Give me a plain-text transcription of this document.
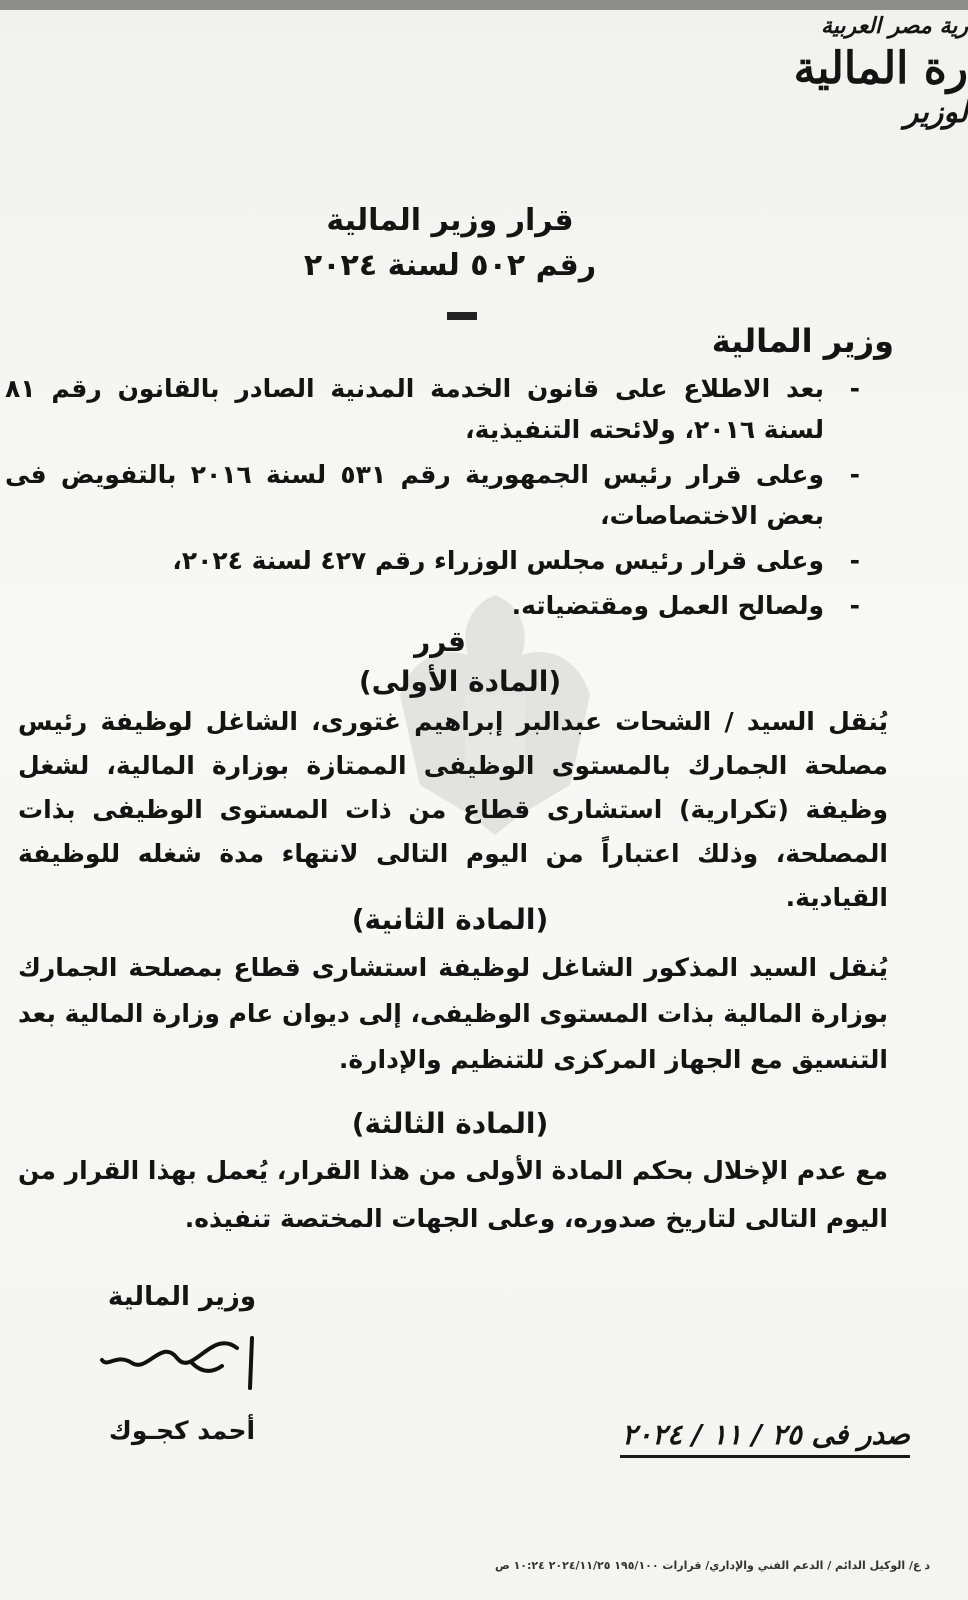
رية مصر العربية

رة المالية

لوزير

قرار وزير المالية

رقم ٥٠٢ لسنة ٢٠٢٤

وزير المالية

-
بعد الاطلاع على قانون الخدمة المدنية الصادر بالقانون رقم ٨١ لسنة ٢٠١٦، ولائحته التنفيذية،

-
وعلى قرار رئيس الجمهورية رقم ٥٣١ لسنة ٢٠١٦ بالتفويض فى بعض الاختصاصات،

-
وعلى قرار رئيس مجلس الوزراء رقم ٤٢٧ لسنة ٢٠٢٤،

-
ولصالح العمل ومقتضياته.

قرر
(المادة الأولى)
يُنقل السيد / الشحات عبدالبر إبراهيم غتورى، الشاغل لوظيفة رئيس مصلحة الجمارك بالمستوى الوظيفى الممتازة بوزارة المالية، لشغل وظيفة (تكرارية) استشارى قطاع من ذات المستوى الوظيفى بذات المصلحة، وذلك اعتباراً من اليوم التالى لانتهاء مدة شغله للوظيفة القيادية.
(المادة الثانية)
يُنقل السيد المذكور الشاغل لوظيفة استشارى قطاع بمصلحة الجمارك بوزارة المالية بذات المستوى الوظيفى، إلى ديوان عام وزارة المالية بعد التنسيق مع الجهاز المركزى للتنظيم والإدارة.
(المادة الثالثة)
مع عدم الإخلال بحكم المادة الأولى من هذا القرار، يُعمل بهذا القرار من اليوم التالى لتاريخ صدوره، وعلى الجهات المختصة تنفيذه.

وزير المالية

أحمد كجـوك	صدر فى ٢٥ / ١١ / ٢٠٢٤
د ع/ الوكيل الدائم / الدعم الفني والإداري/ قرارات ١٩٥/١٠٠ ٢٠٢٤/١١/٢٥ ١٠:٢٤ ص
